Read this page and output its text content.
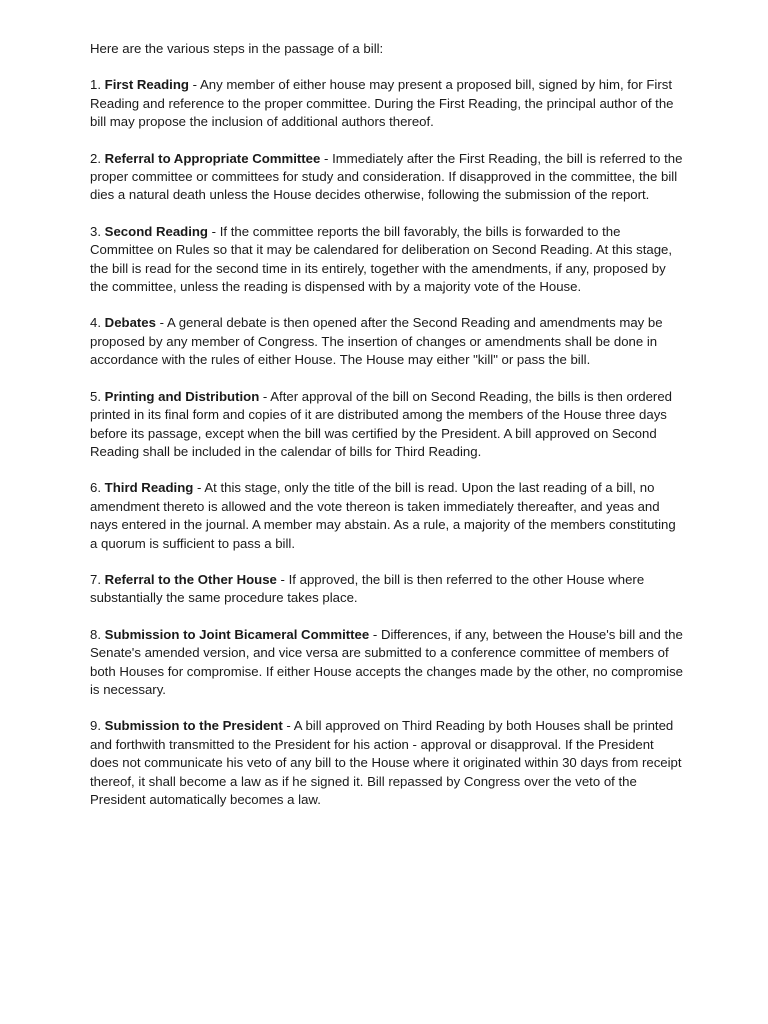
Here are the various steps in the passage of a bill:

1. First Reading - Any member of either house may present a proposed bill, signed by him, for First Reading and reference to the proper committee. During the First Reading, the principal author of the bill may propose the inclusion of additional authors thereof.

2. Referral to Appropriate Committee - Immediately after the First Reading, the bill is referred to the proper committee or committees for study and consideration. If disapproved in the committee, the bill dies a natural death unless the House decides otherwise, following the submission of the report.

3. Second Reading - If the committee reports the bill favorably, the bills is forwarded to the Committee on Rules so that it may be calendared for deliberation on Second Reading. At this stage, the bill is read for the second time in its entirely, together with the amendments, if any, proposed by the committee, unless the reading is dispensed with by a majority vote of the House.

4. Debates - A general debate is then opened after the Second Reading and amendments may be proposed by any member of Congress. The insertion of changes or amendments shall be done in accordance with the rules of either House. The House may either "kill" or pass the bill.

5. Printing and Distribution - After approval of the bill on Second Reading, the bills is then ordered printed in its final form and copies of it are distributed among the members of the House three days before its passage, except when the bill was certified by the President. A bill approved on Second Reading shall be included in the calendar of bills for Third Reading.

6. Third Reading - At this stage, only the title of the bill is read. Upon the last reading of a bill, no amendment thereto is allowed and the vote thereon is taken immediately thereafter, and yeas and nays entered in the journal. A member may abstain. As a rule, a majority of the members constituting a quorum is sufficient to pass a bill.

7. Referral to the Other House - If approved, the bill is then referred to the other House where substantially the same procedure takes place.

8. Submission to Joint Bicameral Committee - Differences, if any, between the House's bill and the Senate's amended version, and vice versa are submitted to a conference committee of members of both Houses for compromise. If either House accepts the changes made by the other, no compromise is necessary.

9. Submission to the President - A bill approved on Third Reading by both Houses shall be printed and forthwith transmitted to the President for his action - approval or disapproval. If the President does not communicate his veto of any bill to the House where it originated within 30 days from receipt thereof, it shall become a law as if he signed it. Bill repassed by Congress over the veto of the President automatically becomes a law.
